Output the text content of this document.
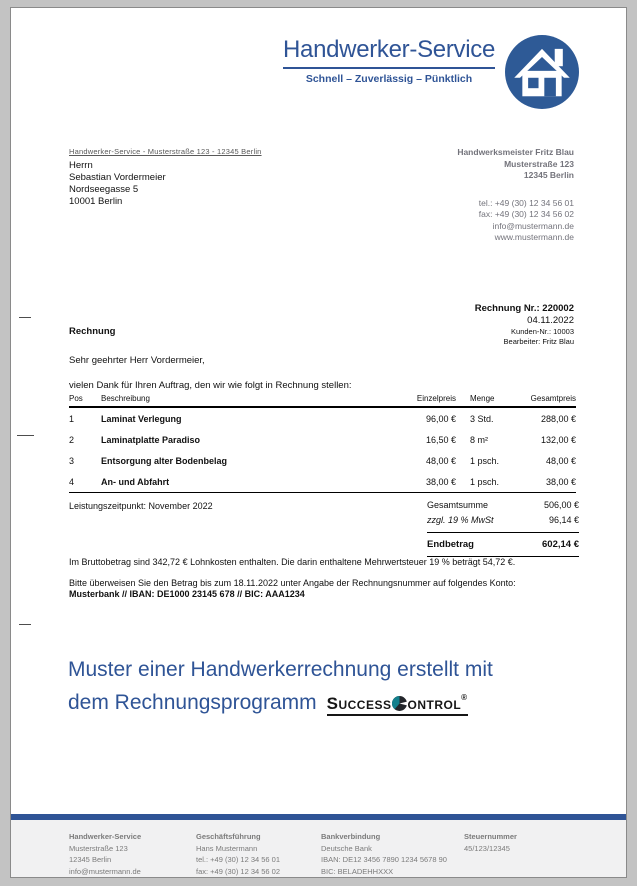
Handwerker-Service
Schnell – Zuverlässig – Pünktlich
Handwerker-Service - Musterstraße 123 - 12345 Berlin
Herrn
Sebastian Vordermeier
Nordseegasse 5
10001 Berlin
Handwerksmeister Fritz Blau
Musterstraße 123
12345 Berlin
tel.: +49 (30) 12 34 56 01
fax: +49 (30) 12 34 56 02
info@mustermann.de
www.mustermann.de
Rechnung Nr.: 220002
04.11.2022
Kunden-Nr.: 10003
Bearbeiter: Fritz Blau
Rechnung
Sehr geehrter Herr Vordermeier,
vielen Dank für Ihren Auftrag, den wir wie folgt in Rechnung stellen:
Pos	Beschreibung	Einzelpreis	Menge	Gesamtpreis
1	Laminat Verlegung	96,00 €	3 Std.	288,00 €
2	Laminatplatte Paradiso	16,50 €	8 m²	132,00 €
3	Entsorgung alter Bodenbelag	48,00 €	1 psch.	48,00 €
4	An- und Abfahrt	38,00 €	1 psch.	38,00 €
Leistungszeitpunkt: November 2022	Gesamtsumme	506,00 €
zzgl. 19 % MwSt	96,14 €
Endbetrag	602,14 €
Im Bruttobetrag sind 342,72 € Lohnkosten enthalten. Die darin enthaltene Mehrwertsteuer 19 % beträgt 54,72 €.
Bitte überweisen Sie den Betrag bis zum 18.11.2022 unter Angabe der Rechnungsnummer auf folgendes Konto:
Musterbank // IBAN: DE1000 23145 678 // BIC: AAA1234
Muster einer Handwerkerrechnung erstellt mit
dem Rechnungsprogramm Success ontrol®
Handwerker-Service
Musterstraße 123
12345 Berlin
info@mustermann.de
Geschäftsführung
Hans Mustermann
tel.: +49 (30) 12 34 56 01
fax: +49 (30) 12 34 56 02
Bankverbindung
Deutsche Bank
IBAN: DE12 3456 7890 1234 5678 90
BIC: BELADEHHXXX
Steuernummer
45/123/12345
